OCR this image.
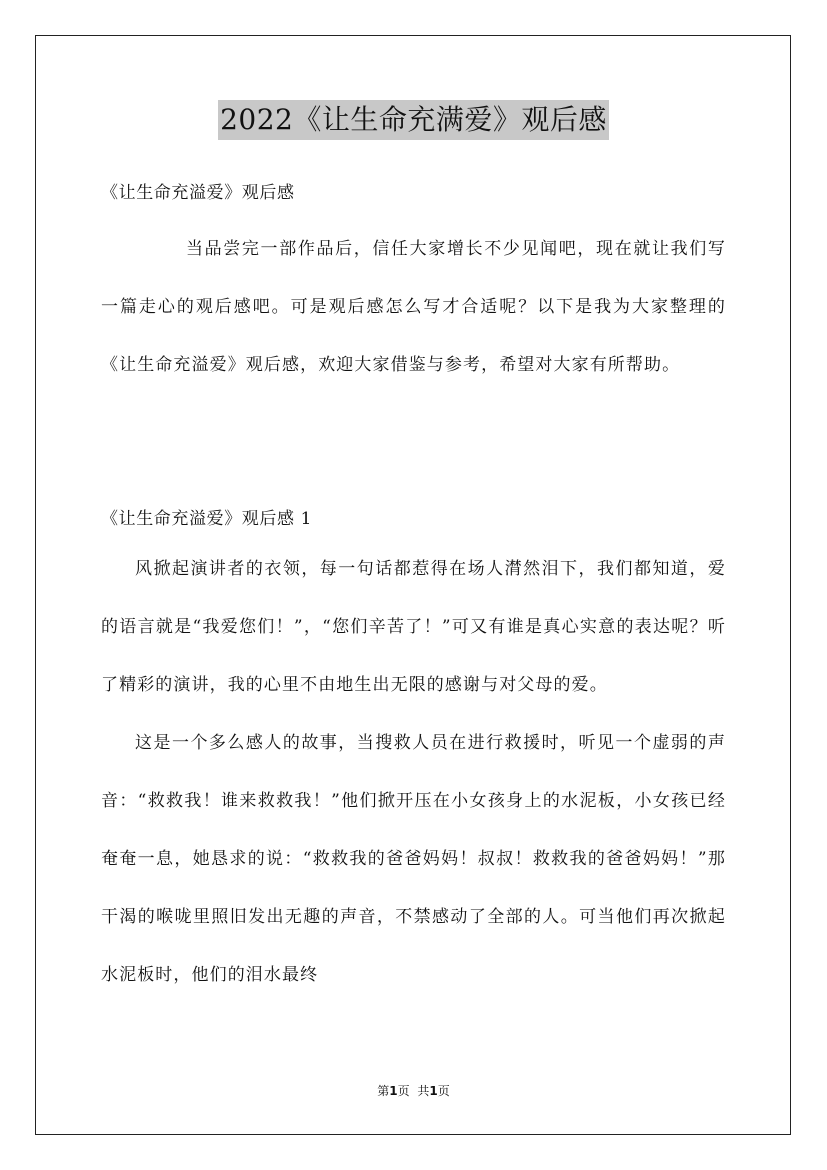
2022《让生命充满爱》观后感
《让生命充溢爱》观后感

当品尝完一部作品后，信任大家增长不少见闻吧，现在就让我们写一篇走心的观后感吧。可是观后感怎么写才合适呢？以下是我为大家整理的《让生命充溢爱》观后感，欢迎大家借鉴与参考，希望对大家有所帮助。

《让生命充溢爱》观后感 1

风掀起演讲者的衣领，每一句话都惹得在场人潸然泪下，我们都知道，爱的语言就是“我爱您们！”，“您们辛苦了！”可又有谁是真心实意的表达呢？听了精彩的演讲，我的心里不由地生出无限的感谢与对父母的爱。

这是一个多么感人的故事，当搜救人员在进行救援时，听见一个虚弱的声音：“救救我！谁来救救我！”他们掀开压在小女孩身上的水泥板，小女孩已经奄奄一息，她恳求的说：“救救我的爸爸妈妈！叔叔！救救我的爸爸妈妈！”那干渴的喉咙里照旧发出无趣的声音，不禁感动了全部的人。可当他们再次掀起水泥板时，他们的泪水最终

第1页 共1页
